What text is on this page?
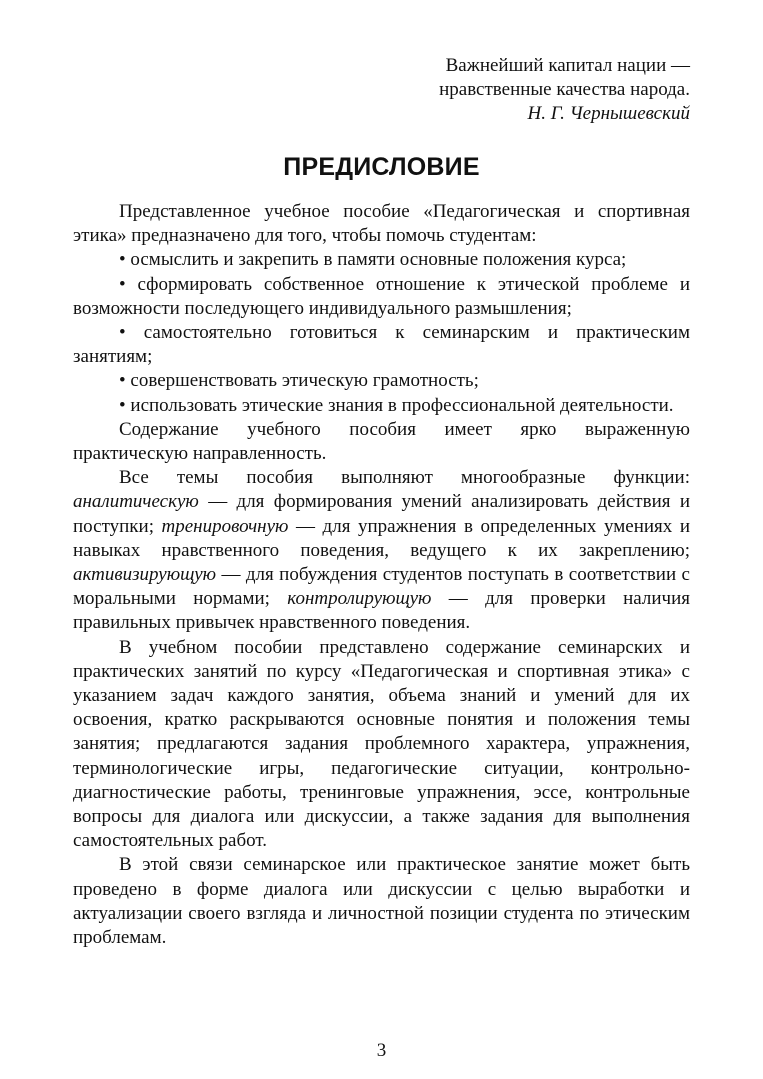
Важнейший капитал нации —
нравственные качества народа.
Н. Г. Чернышевский
ПРЕДИСЛОВИЕ

Представленное учебное пособие «Педагогическая и спортивная этика» предназначено для того, чтобы помочь студентам:

• осмыслить и закрепить в памяти основные положения курса;
• сформировать собственное отношение к этической проблеме и возможности последующего индивидуального размышления;
• самостоятельно готовиться к семинарским и практическим занятиям;
• совершенствовать этическую грамотность;
• использовать этические знания в профессиональной деятельности.

Содержание учебного пособия имеет ярко выраженную практическую направленность.

Все темы пособия выполняют многообразные функции: аналитическую — для формирования умений анализировать действия и поступки; тренировочную — для упражнения в определенных умениях и навыках нравственного поведения, ведущего к их закреплению; активизирующую — для побуждения студентов поступать в соответствии с моральными нормами; контролирующую — для проверки наличия правильных привычек нравственного поведения.

В учебном пособии представлено содержание семинарских и практических занятий по курсу «Педагогическая и спортивная этика» с указанием задач каждого занятия, объема знаний и умений для их освоения, кратко раскрываются основные понятия и положения темы занятия; предлагаются задания проблемного характера, упражнения, терминологические игры, педагогические ситуации, контрольно-диагностические работы, тренинговые упражнения, эссе, контрольные вопросы для диалога или дискуссии, а также задания для выполнения самостоятельных работ.

В этой связи семинарское или практическое занятие может быть проведено в форме диалога или дискуссии с целью выработки и актуализации своего взгляда и личностной позиции студента по этическим проблемам.

3
